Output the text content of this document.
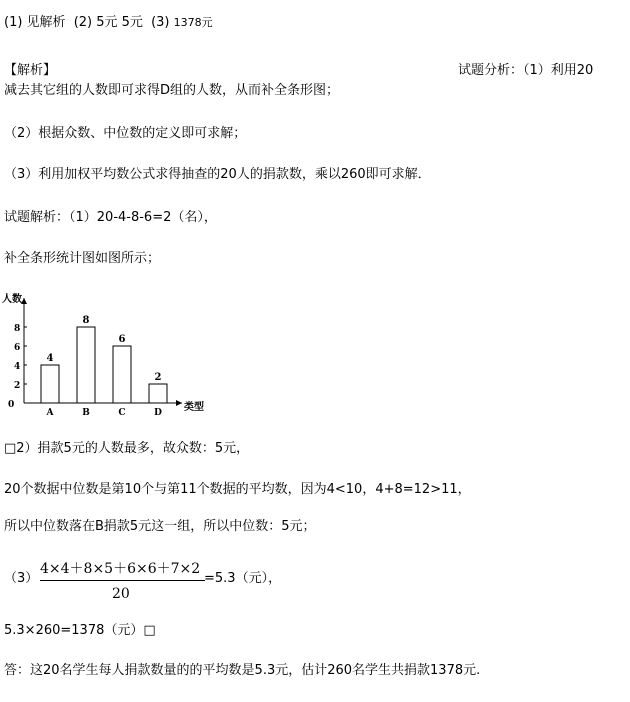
(1) 见解析 (2) 5元 5元 (3) 1378元
【解析】	试题分析：（1）利用20
减去其它组的人数即可求得D组的人数，从而补全条形图；
（2）根据众数、中位数的定义即可求解；
（3）利用加权平均数公式求得抽查的20人的捐款数，乘以260即可求解．
试题解析：（1）20-4-8-6=2（名），
补全条形统计图如图所示；
人数
类型
0
2
4
6
8
4
A
8
B
6
C
2
D
□2）捐款5元的人数最多，故众数：5元，
20个数据中位数是第10个与第11个数据的平均数，因为4<10，4+8=12>11，
所以中位数落在B捐款5元这一组，所以中位数：5元；
（3）
4×4＋8×5＋6×6＋7×2
20
=5.3（元），
5.3×260=1378（元）□
答：这20名学生每人捐款数量的的平均数是5.3元，估计260名学生共捐款1378元.
